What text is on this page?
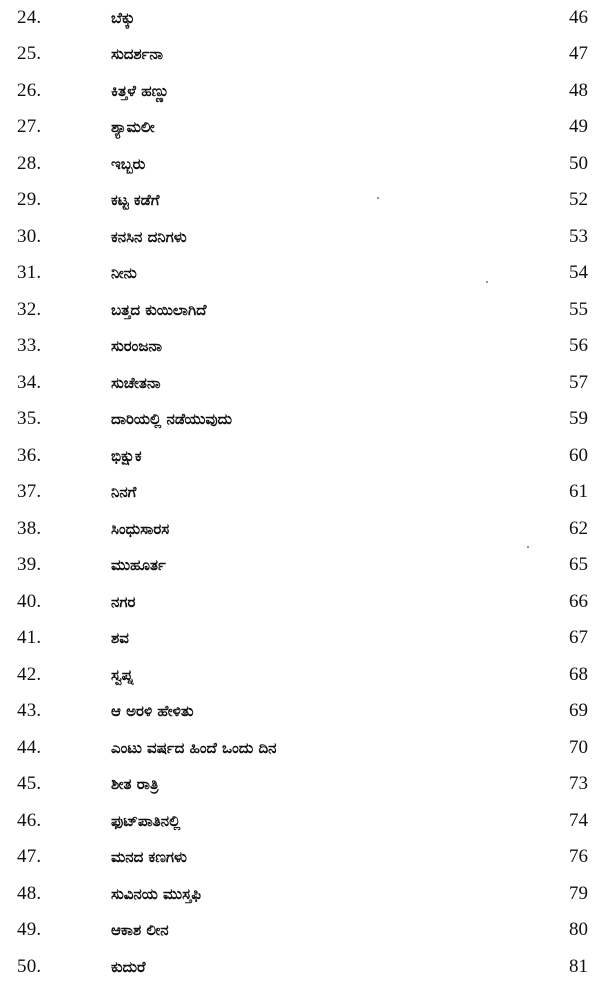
24.	ಬೆಕ್ಕು	46
25.	ಸುದರ್ಶನಾ	47
26.	ಕಿತ್ತಳೆ ಹಣ್ಣು	48
27.	ಶ್ಯಾಮಲೀ	49
28.	ಇಬ್ಬರು	50
29.	ಕಟ್ಟ ಕಡೆಗೆ	52
30.	ಕನಸಿನ ದನಿಗಳು	53
31.	ನೀನು	54
32.	ಬತ್ತದ ಕುಯಿಲಾಗಿದೆ	55
33.	ಸುರಂಜನಾ	56
34.	ಸುಚೇತನಾ	57
35.	ದಾರಿಯಲ್ಲಿ ನಡೆಯುವುದು	59
36.	ಭಿಕ್ಷುಕ	60
37.	ನಿನಗೆ	61
38.	ಸಿಂಧುಸಾರಸ	62
39.	ಮುಹೂರ್ತ	65
40.	ನಗರ	66
41.	ಶವ	67
42.	ಸ್ವಪ್ನ	68
43.	ಆ ಅರಳಿ ಹೇಳಿತು	69
44.	ಎಂಟು ವರ್ಷದ ಹಿಂದೆ ಒಂದು ದಿನ	70
45.	ಶೀತ ರಾತ್ರಿ	73
46.	ಫುಟ್‌ಪಾತಿನಲ್ಲಿ	74
47.	ಮನದ ಕಣಗಳು	76
48.	ಸುವಿನಯ ಮುಸ್ತಫಿ	79
49.	ಆಕಾಶ ಲೀನ	80
50.	ಕುದುರೆ	81
